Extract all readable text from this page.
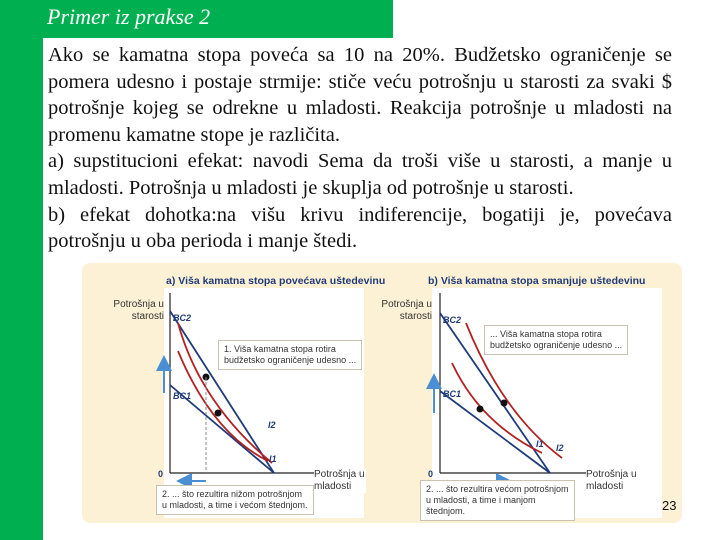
Primer iz prakse 2

Ako se kamatna stopa poveća sa 10 na 20%. Budžetsko ograničenje se pomera udesno i postaje strmije: stiče veću potrošnju u starosti za svaki $ potrošnje kojeg se odrekne u mladosti. Reakcija potrošnje u mladosti na promenu kamatne stope je različita.

a) supstitucioni efekat: navodi Sema da troši više u starosti, a manje u mladosti. Potrošnja u mladosti je skuplja od potrošnje u starosti.

b) efekat dohotka:na višu krivu indiferencije, bogatiji je, povećava potrošnju u oba perioda i manje štedi.

a) Viša kamatna stopa povećava uštedevinu	b) Viša kamatna stopa smanjuje uštedevinu
Potrošnja u
starosti
Potrošnja u
mladosti
Potrošnja u
starosti
Potrošnja u
mladosti
0
BC2
BC1
I2
I1
0
BC2
BC1
I2
I1
1. Viša kamatna stopa rotira
budžetsko ograničenje udesno ...
2. ... što rezultira nižom potrošnjom
u mladosti, a time i većom štednjom.
... Viša kamatna stopa rotira
budžetsko ograničenje udesno ...
2. ... što rezultira većom potrošnjom
u mladosti, a time i manjom
štednjom.	23
